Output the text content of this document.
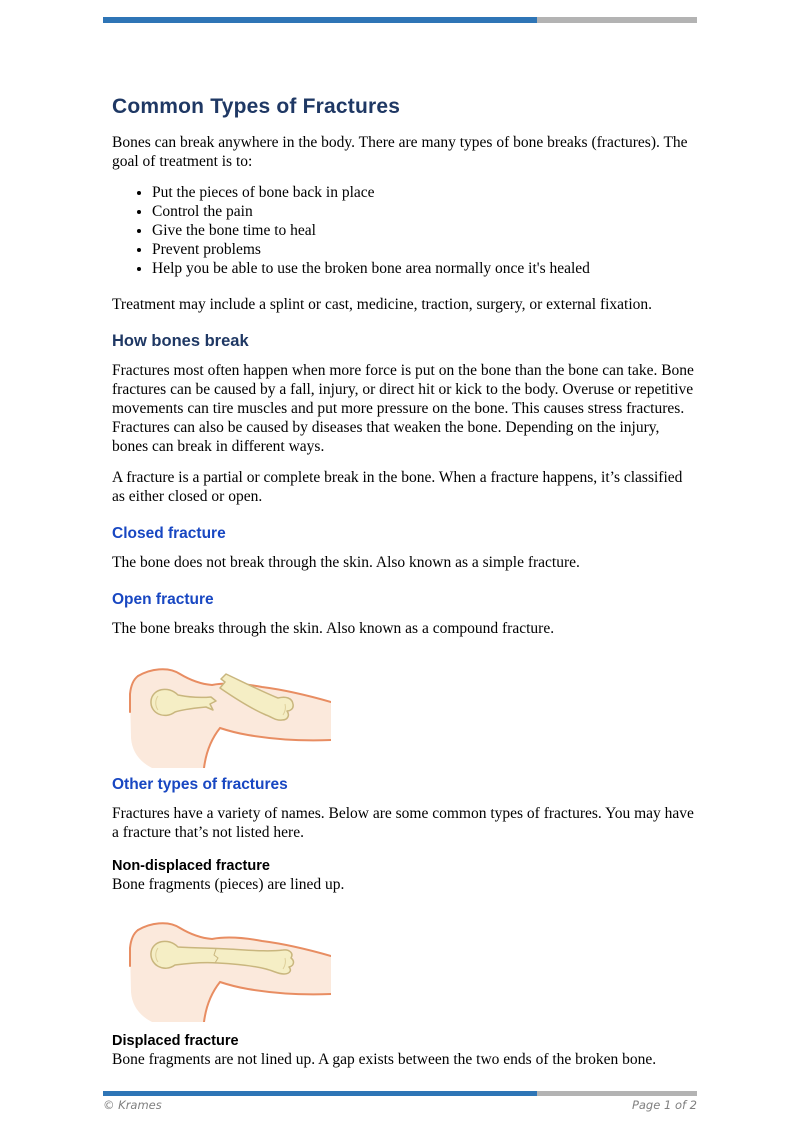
Common Types of Fractures

Bones can break anywhere in the body. There are many types of bone breaks (fractures). The goal of treatment is to:

• Put the pieces of bone back in place
• Control the pain
• Give the bone time to heal
• Prevent problems
• Help you be able to use the broken bone area normally once it's healed

Treatment may include a splint or cast, medicine, traction, surgery, or external fixation.

How bones break

Fractures most often happen when more force is put on the bone than the bone can take. Bone fractures can be caused by a fall, injury, or direct hit or kick to the body. Overuse or repetitive movements can tire muscles and put more pressure on the bone. This causes stress fractures. Fractures can also be caused by diseases that weaken the bone. Depending on the injury, bones can break in different ways.

A fracture is a partial or complete break in the bone. When a fracture happens, it’s classified as either closed or open.

Closed fracture

The bone does not break through the skin. Also known as a simple fracture.

Open fracture

The bone breaks through the skin. Also known as a compound fracture.

Other types of fractures

Fractures have a variety of names. Below are some common types of fractures. You may have a fracture that’s not listed here.

Non-displaced fracture

Bone fragments (pieces) are lined up.

Displaced fracture

Bone fragments are not lined up. A gap exists between the two ends of the broken bone.

© Krames	Page 1 of 2
